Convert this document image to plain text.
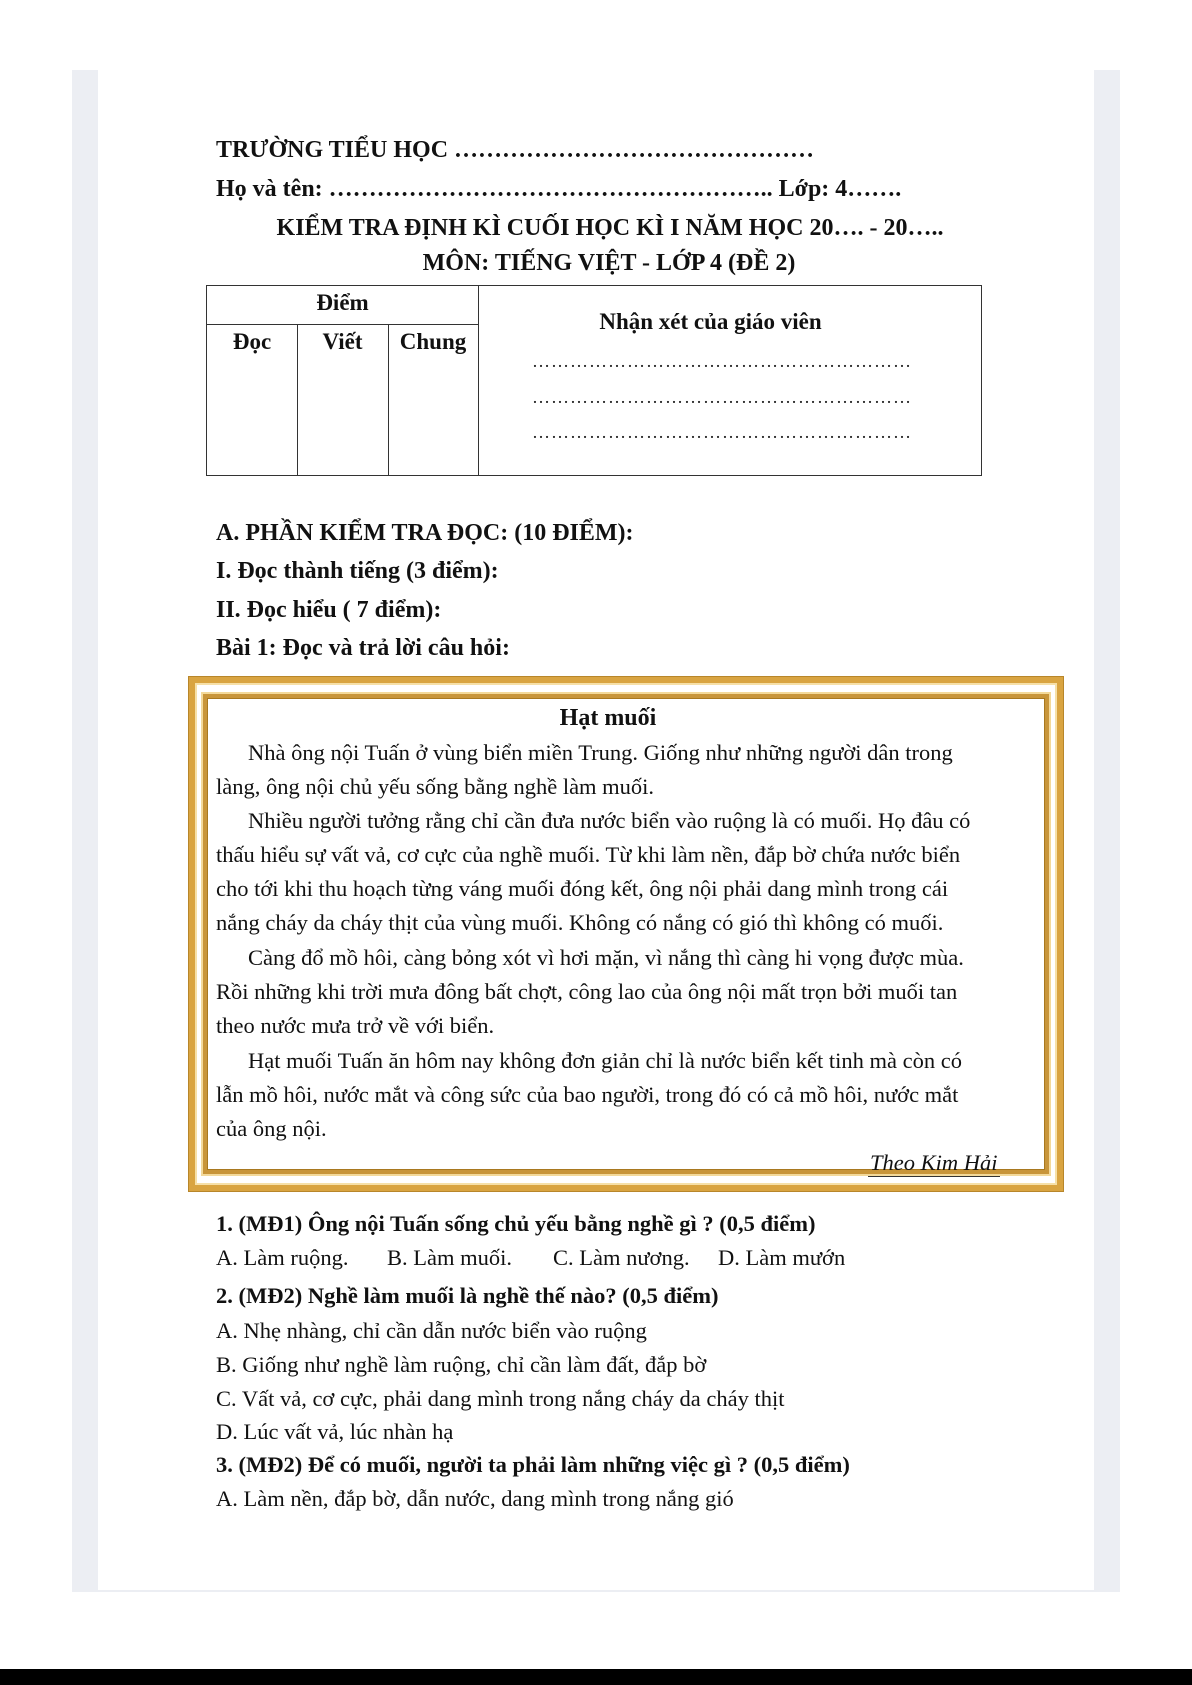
TRƯỜNG TIỂU HỌC ………………………………………
Họ và tên: ……………………………………………….. Lớp: 4…….
KIỂM TRA ĐỊNH KÌ CUỐI HỌC KÌ I NĂM HỌC 20…. - 20…..
MÔN: TIẾNG VIỆT - LỚP 4 (ĐỀ 2)
Điểm
Đọc	Viết	Chung
Nhận xét của giáo viên
……………………………………………………
……………………………………………………
……………………………………………………
A. PHẦN KIỂM TRA ĐỌC: (10 ĐIỂM):
I. Đọc thành tiếng (3 điểm):
II. Đọc hiểu ( 7 điểm):
Bài 1: Đọc và trả lời câu hỏi:
Hạt muối
Nhà ông nội Tuấn ở vùng biển miền Trung. Giống như những người dân trong
làng, ông nội chủ yếu sống bằng nghề làm muối.
Nhiều người tưởng rằng chỉ cần đưa nước biển vào ruộng là có muối. Họ đâu có
thấu hiểu sự vất vả, cơ cực của nghề muối. Từ khi làm nền, đắp bờ chứa nước biển
cho tới khi thu hoạch từng váng muối đóng kết, ông nội phải dang mình trong cái
nắng cháy da cháy thịt của vùng muối. Không có nắng có gió thì không có muối.
Càng đổ mồ hôi, càng bỏng xót vì hơi mặn, vì nắng thì càng hi vọng được mùa.
Rồi những khi trời mưa đông bất chợt, công lao của ông nội mất trọn bởi muối tan
theo nước mưa trở về với biển.
Hạt muối Tuấn ăn hôm nay không đơn giản chỉ là nước biển kết tinh mà còn có
lẫn mồ hôi, nước mắt và công sức của bao người, trong đó có cả mồ hôi, nước mắt
của ông nội.
Theo Kim Hải
1. (MĐ1) Ông nội Tuấn sống chủ yếu bằng nghề gì ? (0,5 điểm)
A. Làm ruộng. B. Làm muối. C. Làm nương. D. Làm mướn
2. (MĐ2) Nghề làm muối là nghề thế nào? (0,5 điểm)
A. Nhẹ nhàng, chỉ cần dẫn nước biển vào ruộng
B. Giống như nghề làm ruộng, chỉ cần làm đất, đắp bờ
C. Vất vả, cơ cực, phải dang mình trong nắng cháy da cháy thịt
D. Lúc vất vả, lúc nhàn hạ
3. (MĐ2) Để có muối, người ta phải làm những việc gì ? (0,5 điểm)
A. Làm nền, đắp bờ, dẫn nước, dang mình trong nắng gió
